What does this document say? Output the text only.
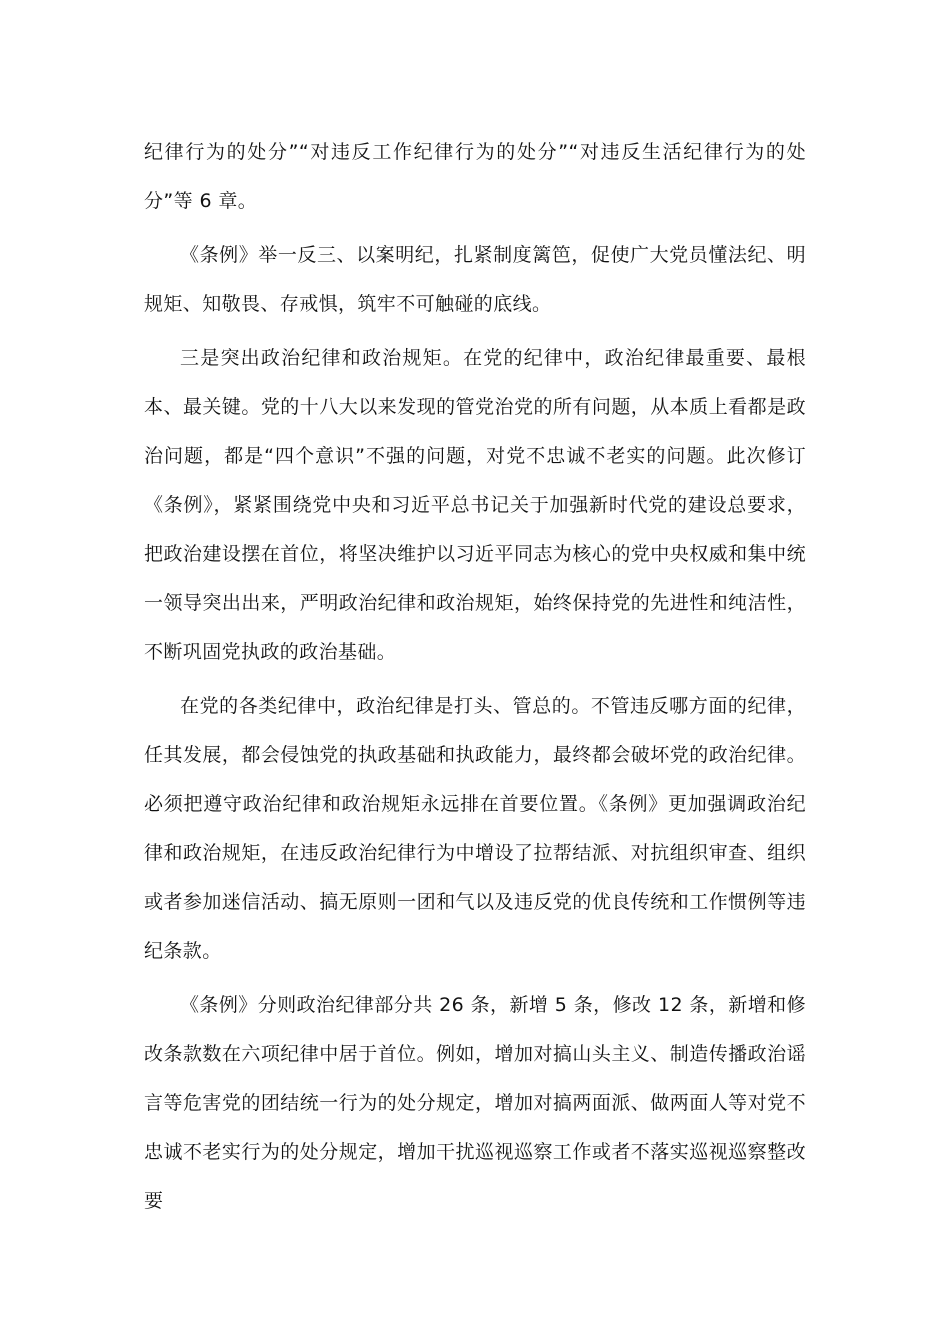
纪律行为的处分”“对违反工作纪律行为的处分”“对违反生活纪律行为的处分”等 6 章。

《条例》举一反三、以案明纪，扎紧制度篱笆，促使广大党员懂法纪、明规矩、知敬畏、存戒惧，筑牢不可触碰的底线。

三是突出政治纪律和政治规矩。在党的纪律中，政治纪律最重要、最根本、最关键。党的十八大以来发现的管党治党的所有问题，从本质上看都是政治问题，都是“四个意识”不强的问题，对党不忠诚不老实的问题。此次修订《条例》，紧紧围绕党中央和习近平总书记关于加强新时代党的建设总要求，把政治建设摆在首位，将坚决维护以习近平同志为核心的党中央权威和集中统一领导突出出来，严明政治纪律和政治规矩，始终保持党的先进性和纯洁性，不断巩固党执政的政治基础。

在党的各类纪律中，政治纪律是打头、管总的。不管违反哪方面的纪律，任其发展，都会侵蚀党的执政基础和执政能力，最终都会破坏党的政治纪律。必须把遵守政治纪律和政治规矩永远排在首要位置。《条例》更加强调政治纪律和政治规矩，在违反政治纪律行为中增设了拉帮结派、对抗组织审查、组织或者参加迷信活动、搞无原则一团和气以及违反党的优良传统和工作惯例等违纪条款。

《条例》分则政治纪律部分共 26 条，新增 5 条，修改 12 条，新增和修改条款数在六项纪律中居于首位。例如，增加对搞山头主义、制造传播政治谣言等危害党的团结统一行为的处分规定，增加对搞两面派、做两面人等对党不忠诚不老实行为的处分规定，增加干扰巡视巡察工作或者不落实巡视巡察整改要
